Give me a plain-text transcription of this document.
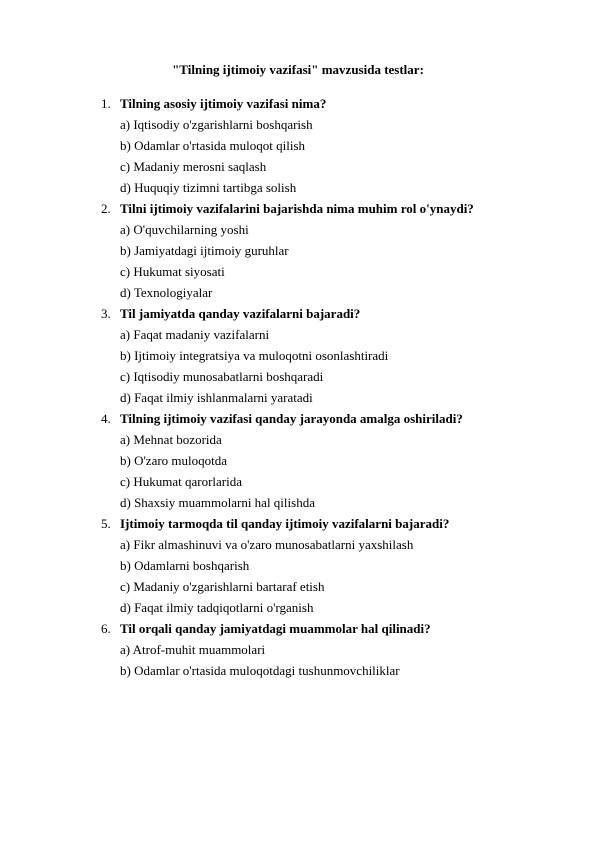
"Tilning ijtimoiy vazifasi" mavzusida testlar:
1. Tilning asosiy ijtimoiy vazifasi nima?
a) Iqtisodiy o'zgarishlarni boshqarish
b) Odamlar o'rtasida muloqot qilish
c) Madaniy merosni saqlash
d) Huquqiy tizimni tartibga solish
2. Tilni ijtimoiy vazifalarini bajarishda nima muhim rol o'ynaydi?
a) O'quvchilarning yoshi
b) Jamiyatdagi ijtimoiy guruhlar
c) Hukumat siyosati
d) Texnologiyalar
3. Til jamiyatda qanday vazifalarni bajaradi?
a) Faqat madaniy vazifalarni
b) Ijtimoiy integratsiya va muloqotni osonlashtiradi
c) Iqtisodiy munosabatlarni boshqaradi
d) Faqat ilmiy ishlanmalarni yaratadi
4. Tilning ijtimoiy vazifasi qanday jarayonda amalga oshiriladi?
a) Mehnat bozorida
b) O'zaro muloqotda
c) Hukumat qarorlarida
d) Shaxsiy muammolarni hal qilishda
5. Ijtimoiy tarmoqda til qanday ijtimoiy vazifalarni bajaradi?
a) Fikr almashinuvi va o'zaro munosabatlarni yaxshilash
b) Odamlarni boshqarish
c) Madaniy o'zgarishlarni bartaraf etish
d) Faqat ilmiy tadqiqotlarni o'rganish
6. Til orqali qanday jamiyatdagi muammolar hal qilinadi?
a) Atrof-muhit muammolari
b) Odamlar o'rtasida muloqotdagi tushunmovchiliklar
